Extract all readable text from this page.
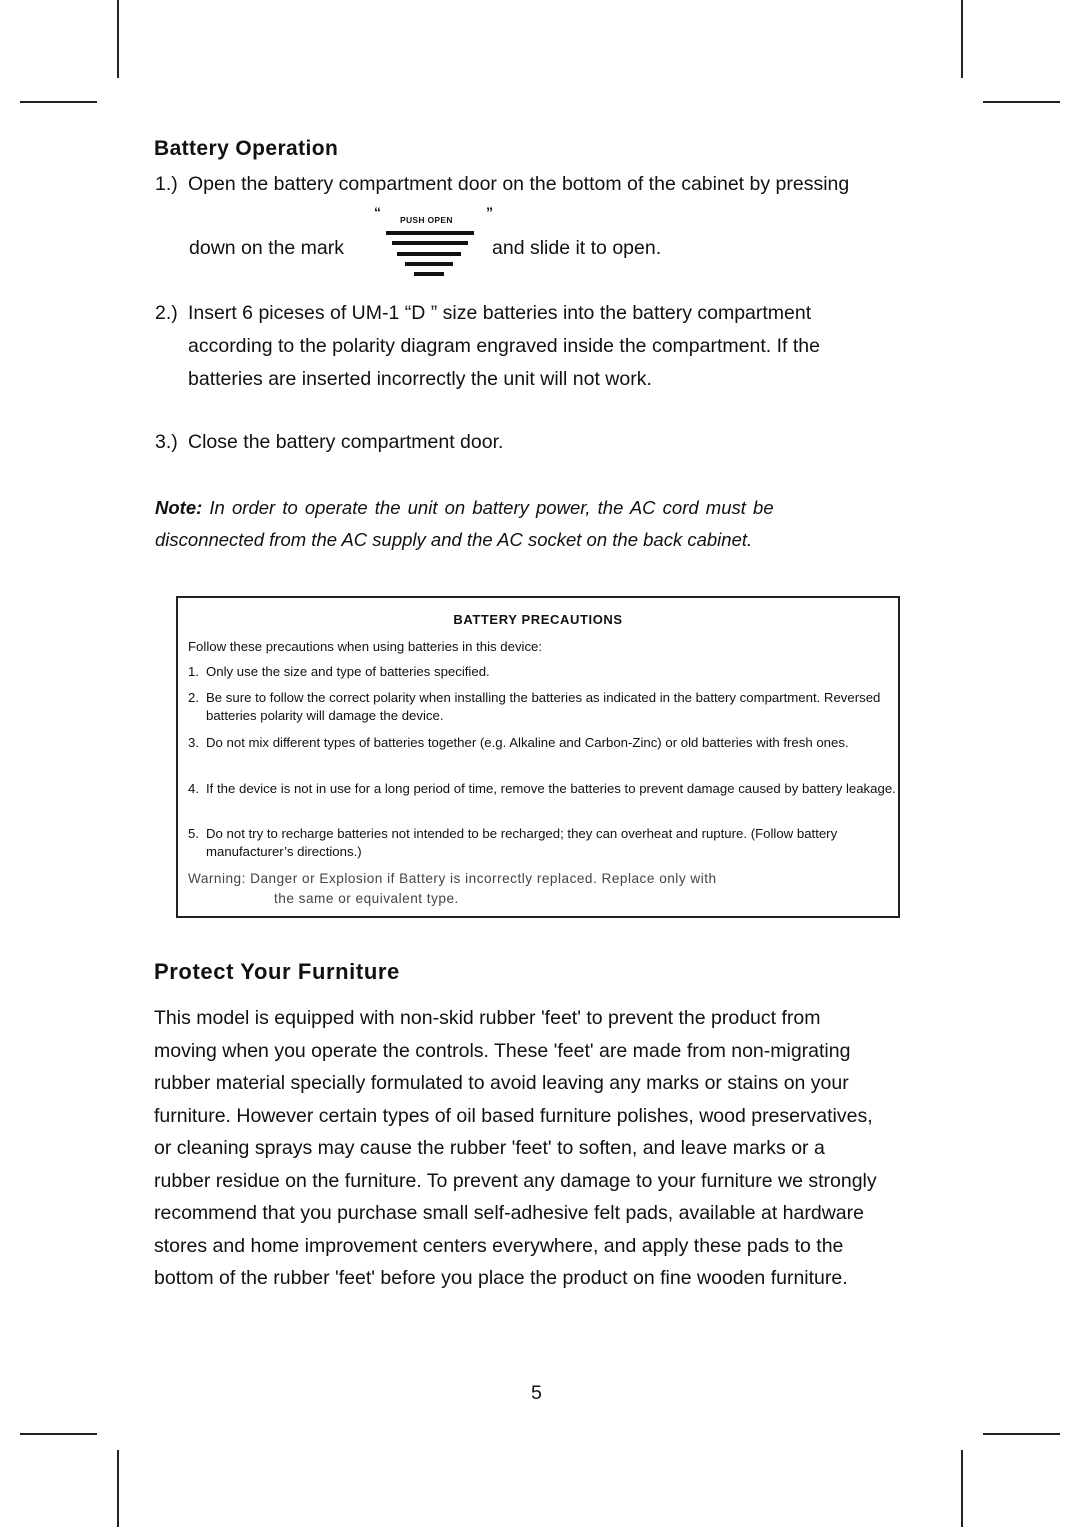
Battery Operation
1.) Open the battery compartment door on the bottom of the cabinet by pressing
down on the mark
“ PUSH OPEN ”
and slide it to open.
2.) Insert 6 piceses of UM-1 “D ” size batteries into the battery compartment
according to the polarity diagram engraved inside the compartment. If the
batteries are inserted incorrectly the unit will not work.
3.) Close the battery compartment door.
Note: In order to operate the unit on battery power, the AC cord must be
disconnected from the AC supply and the AC socket on the back cabinet.
BATTERY PRECAUTIONS
Follow these precautions when using batteries in this device:
1. Only use the size and type of batteries specified.
2. Be sure to follow the correct polarity when installing the batteries as indicated in the battery compartment. Reversed batteries polarity will damage the device.
3. Do not mix different types of batteries together (e.g. Alkaline and Carbon-Zinc) or old batteries with fresh ones.
4. If the device is not in use for a long period of time, remove the batteries to prevent damage caused by battery leakage.
5. Do not try to recharge batteries not intended to be recharged; they can overheat and rupture. (Follow battery manufacturer’s directions.)
Warning: Danger or Explosion if Battery is incorrectly replaced. Replace only with
the same or equivalent type.
Protect Your Furniture
This model is equipped with non-skid rubber 'feet' to prevent the product from
moving when you operate the controls. These 'feet' are made from non-migrating
rubber material specially formulated to avoid leaving any marks or stains on your
furniture. However certain types of oil based furniture polishes, wood preservatives,
or cleaning sprays may cause the rubber 'feet' to soften, and leave marks or a
rubber residue on the furniture. To prevent any damage to your furniture we strongly
recommend that you purchase small self-adhesive felt pads, available at hardware
stores and home improvement centers everywhere, and apply these pads to the
bottom of the rubber 'feet' before you place the product on fine wooden furniture.
5
